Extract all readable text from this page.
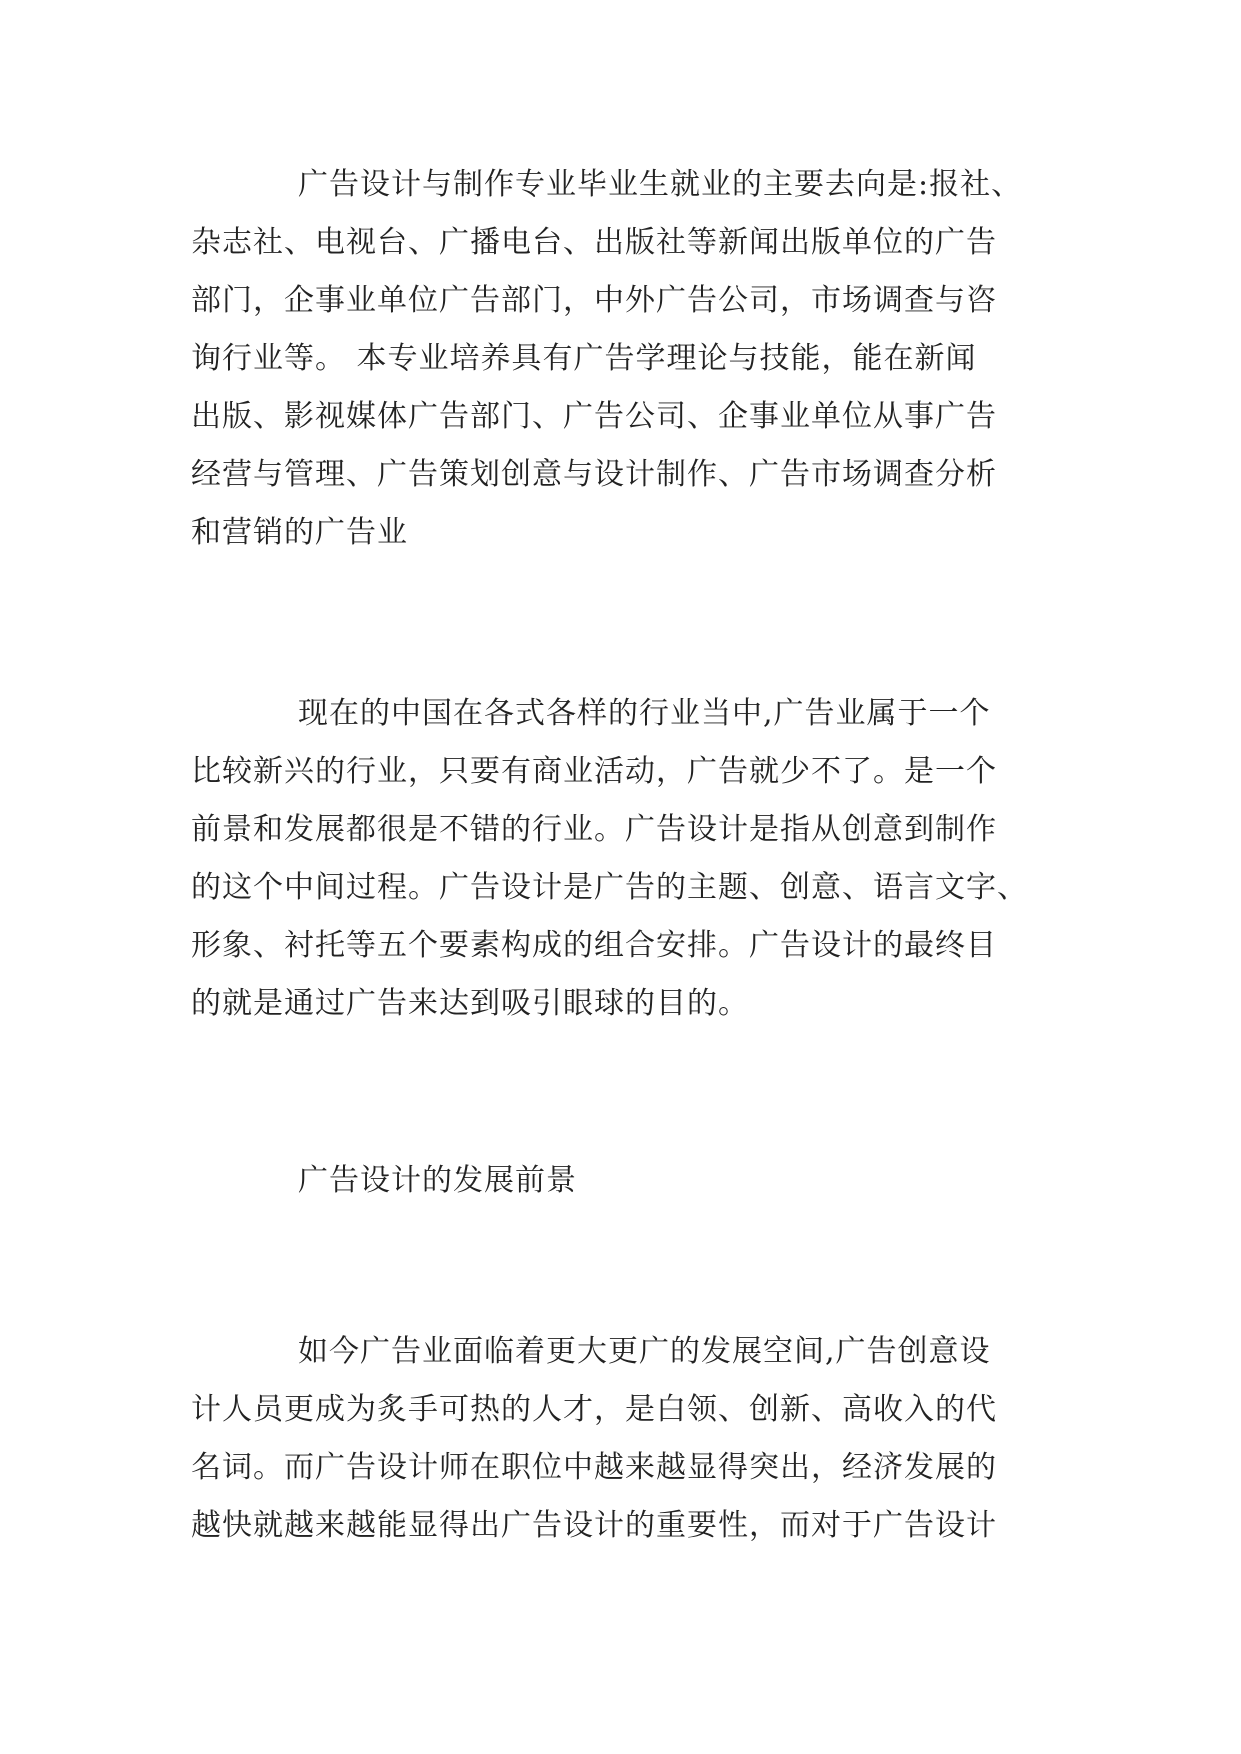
广告设计与制作专业毕业生就业的主要去向是:报社、
杂志社、电视台、广播电台、出版社等新闻出版单位的广告
部门，企事业单位广告部门，中外广告公司，市场调查与咨
询行业等。 本专业培养具有广告学理论与技能，能在新闻
出版、影视媒体广告部门、广告公司、企事业单位从事广告
经营与管理、广告策划创意与设计制作、广告市场调查分析
和营销的广告业
现在的中国在各式各样的行业当中,广告业属于一个
比较新兴的行业，只要有商业活动，广告就少不了。是一个
前景和发展都很是不错的行业。广告设计是指从创意到制作
的这个中间过程。广告设计是广告的主题、创意、语言文字、
形象、衬托等五个要素构成的组合安排。广告设计的最终目
的就是通过广告来达到吸引眼球的目的。
广告设计的发展前景
如今广告业面临着更大更广的发展空间,广告创意设
计人员更成为炙手可热的人才，是白领、创新、高收入的代
名词。而广告设计师在职位中越来越显得突出，经济发展的
越快就越来越能显得出广告设计的重要性，而对于广告设计
